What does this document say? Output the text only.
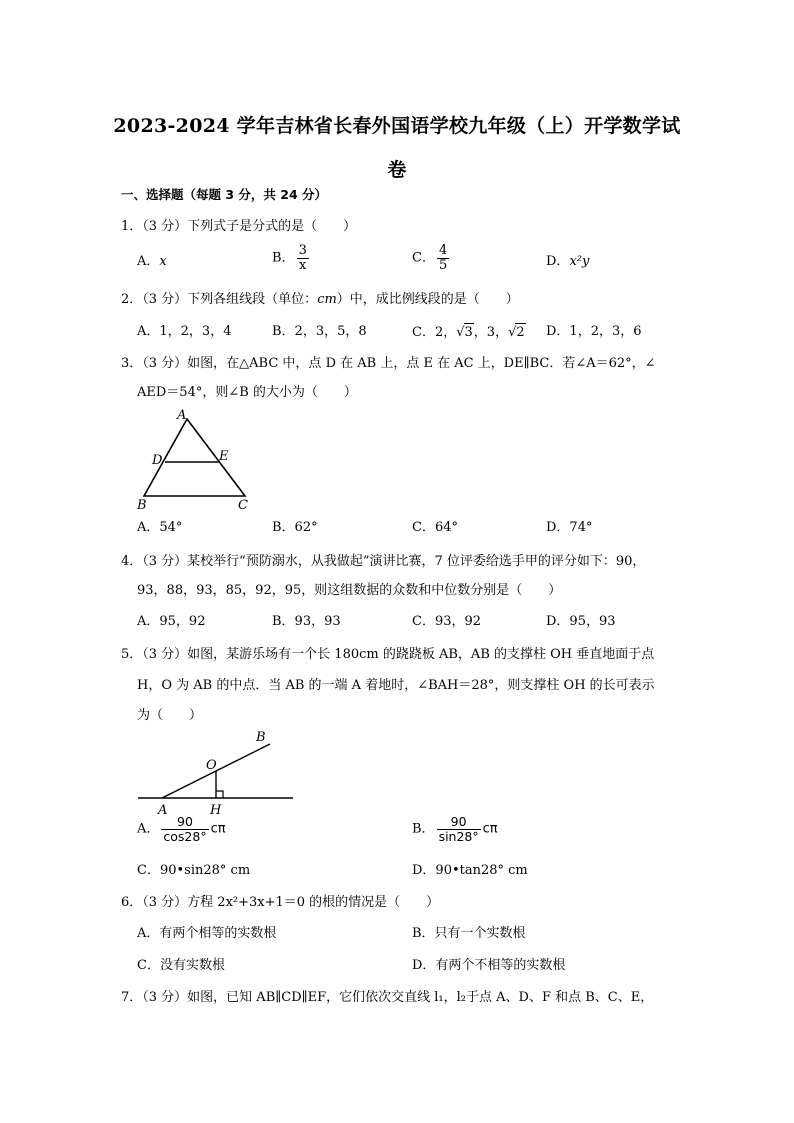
2023-2024 学年吉林省长春外国语学校九年级（上）开学数学试
卷
一、选择题（每题 3 分，共 24 分）
1．（3 分）下列式子是分式的是（　　）
A．x	B． $\frac{3}{x}$	C． $\frac{4}{5}$	D．x²y
2．（3 分）下列各组线段（单位：cm）中，成比例线段的是（　　）
A．1，2，3，4	B．2，3，5，8	C．2，√3，3，√2 D．1，2，3，6
3．（3 分）如图，在△ABC 中，点 D 在 AB 上，点 E 在 AC 上，DE∥BC．若∠A＝62°，∠
AED＝54°，则∠B 的大小为（　　）
A
D	E
B	C
A．54°	B．62°	C．64°	D．74°
4．（3 分）某校举行“预防溺水，从我做起”演讲比赛，7 位评委给选手甲的评分如下：90，
93，88，93，85，92，95，则这组数据的众数和中位数分别是（　　）
A．95，92	B．93，93	C．93，92	D．95，93
5．（3 分）如图，某游乐场有一个长 180cm 的跷跷板 AB，AB 的支撑柱 OH 垂直地面于点
H，O 为 AB 的中点．当 AB 的一端 A 着地时，∠BAH＝28°，则支撑柱 OH 的长可表示
为（　　）
B
O
A	H
A． $\frac{90}{\cos 28^\circ}$ cπ	B． $\frac{90}{\sin 28^\circ}$ cπ
C．90•sin28° cm	D．90•tan28° cm
6．（3 分）方程 2x²+3x+1＝0 的根的情况是（　　）
A．有两个相等的实数根	B．只有一个实数根
C．没有实数根	D．有两个不相等的实数根
7．（3 分）如图，已知 AB∥CD∥EF，它们依次交直线 l₁，l₂于点 A、D、F 和点 B、C、E，
